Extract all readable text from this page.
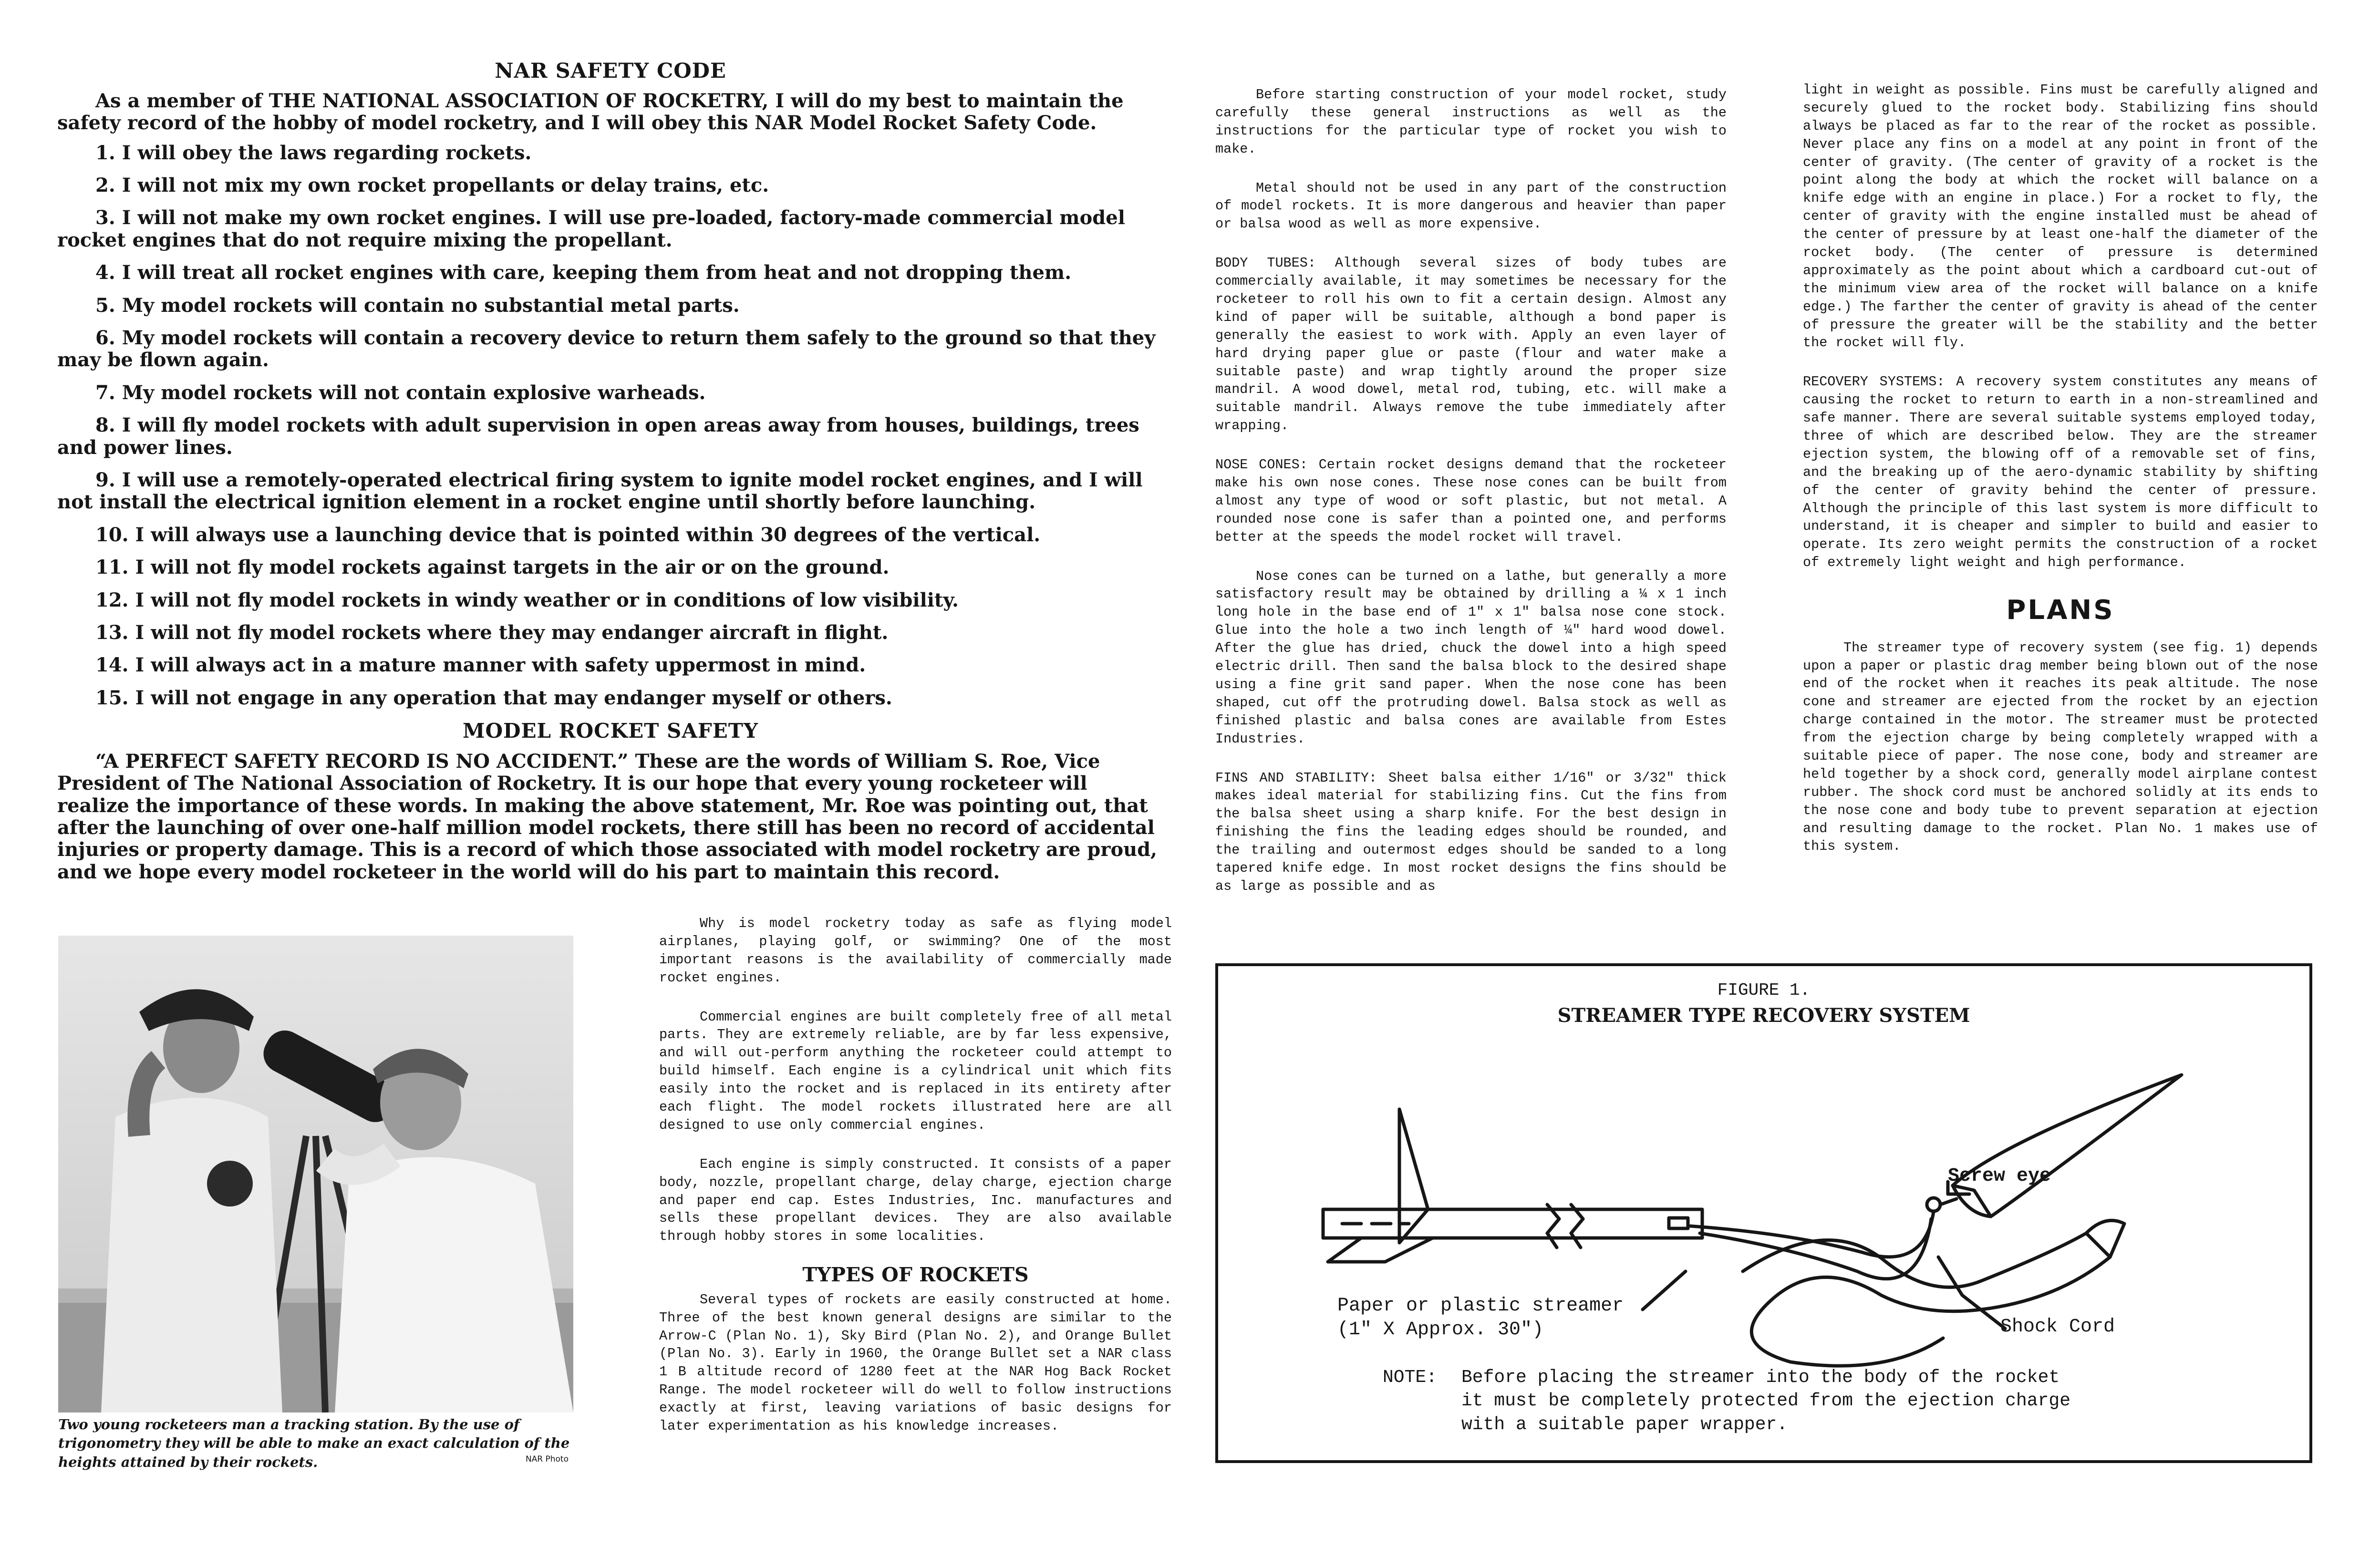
NAR SAFETY CODE

As a member of THE NATIONAL ASSOCIATION OF ROCKETRY, I will do my best to maintain the safety record of the hobby of model rocketry, and I will obey this NAR Model Rocket Safety Code.

1. I will obey the laws regarding rockets.
2. I will not mix my own rocket propellants or delay trains, etc.
3. I will not make my own rocket engines. I will use pre-loaded, factory-made commercial model rocket engines that do not require mixing the propellant.
4. I will treat all rocket engines with care, keeping them from heat and not dropping them.
5. My model rockets will contain no substantial metal parts.
6. My model rockets will contain a recovery device to return them safely to the ground so that they may be flown again.
7. My model rockets will not contain explosive warheads.
8. I will fly model rockets with adult supervision in open areas away from houses, buildings, trees and power lines.
9. I will use a remotely-operated electrical firing system to ignite model rocket engines, and I will not install the electrical ignition element in a rocket engine until shortly before launching.
10. I will always use a launching device that is pointed within 30 degrees of the vertical.
11. I will not fly model rockets against targets in the air or on the ground.
12. I will not fly model rockets in windy weather or in conditions of low visibility.
13. I will not fly model rockets where they may endanger aircraft in flight.
14. I will always act in a mature manner with safety uppermost in mind.
15. I will not engage in any operation that may endanger myself or others.
MODEL ROCKET SAFETY

“A PERFECT SAFETY RECORD IS NO ACCIDENT.” These are the words of William S. Roe, Vice President of The National Association of Rocketry. It is our hope that every young rocketeer will realize the importance of these words. In making the above statement, Mr. Roe was pointing out, that after the launching of over one-half million model rockets, there still has been no record of accidental injuries or property damage. This is a record of which those associated with model rocketry are proud, and we hope every model rocketeer in the world will do his part to maintain this record.

Two young rocketeers man a tracking station. By the use of trigonometry they will be able to make an exact calculation of the heights attained by their rockets.	NAR Photo

Why is model rocketry today as safe as flying model airplanes, playing golf, or swimming? One of the most important reasons is the availability of commercially made rocket engines.

Commercial engines are built completely free of all metal parts. They are extremely reliable, are by far less expensive, and will out-perform anything the rocketeer could attempt to build himself. Each engine is a cylindrical unit which fits easily into the rocket and is replaced in its entirety after each flight. The model rockets illustrated here are all designed to use only commercial engines.

Each engine is simply constructed. It consists of a paper body, nozzle, propellant charge, delay charge, ejection charge and paper end cap. Estes Industries, Inc. manufactures and sells these propellant devices. They are also available through hobby stores in some localities.

TYPES OF ROCKETS

Several types of rockets are easily constructed at home. Three of the best known general designs are similar to the Arrow-C (Plan No. 1), Sky Bird (Plan No. 2), and Orange Bullet (Plan No. 3). Early in 1960, the Orange Bullet set a NAR class 1 B altitude record of 1280 feet at the NAR Hog Back Rocket Range. The model rocketeer will do well to follow instructions exactly at first, leaving variations of basic designs for later experimentation as his knowledge increases.

Before starting construction of your model rocket, study carefully these general instructions as well as the instructions for the particular type of rocket you wish to make.

Metal should not be used in any part of the construction of model rockets. It is more dangerous and heavier than paper or balsa wood as well as more expensive.

BODY TUBES: Although several sizes of body tubes are commercially available, it may sometimes be necessary for the rocketeer to roll his own to fit a certain design. Almost any kind of paper will be suitable, although a bond paper is generally the easiest to work with. Apply an even layer of hard drying paper glue or paste (flour and water make a suitable paste) and wrap tightly around the proper size mandril. A wood dowel, metal rod, tubing, etc. will make a suitable mandril. Always remove the tube immediately after wrapping.

NOSE CONES: Certain rocket designs demand that the rocketeer make his own nose cones. These nose cones can be built from almost any type of wood or soft plastic, but not metal. A rounded nose cone is safer than a pointed one, and performs better at the speeds the model rocket will travel.

Nose cones can be turned on a lathe, but generally a more satisfactory result may be obtained by drilling a ¼ x 1 inch long hole in the base end of 1" x 1" balsa nose cone stock. Glue into the hole a two inch length of ¼" hard wood dowel. After the glue has dried, chuck the dowel into a high speed electric drill. Then sand the balsa block to the desired shape using a fine grit sand paper. When the nose cone has been shaped, cut off the protruding dowel. Balsa stock as well as finished plastic and balsa cones are available from Estes Industries.

FINS AND STABILITY: Sheet balsa either 1/16" or 3/32" thick makes ideal material for stabilizing fins. Cut the fins from the balsa sheet using a sharp knife. For the best design in finishing the fins the leading edges should be rounded, and the trailing and outermost edges should be sanded to a long tapered knife edge. In most rocket designs the fins should be as large as possible and as

light in weight as possible. Fins must be carefully aligned and securely glued to the rocket body. Stabilizing fins should always be placed as far to the rear of the rocket as possible. Never place any fins on a model at any point in front of the center of gravity. (The center of gravity of a rocket is the point along the body at which the rocket will balance on a knife edge with an engine in place.) For a rocket to fly, the center of gravity with the engine installed must be ahead of the center of pressure by at least one-half the diameter of the rocket body. (The center of pressure is determined approximately as the point about which a cardboard cut-out of the minimum view area of the rocket will balance on a knife edge.) The farther the center of gravity is ahead of the center of pressure the greater will be the stability and the better the rocket will fly.

RECOVERY SYSTEMS: A recovery system constitutes any means of causing the rocket to return to earth in a non-streamlined and safe manner. There are several suitable systems employed today, three of which are described below. They are the streamer ejection system, the blowing off of a removable set of fins, and the breaking up of the aero-dynamic stability by shifting of the center of gravity behind the center of pressure. Although the principle of this last system is more difficult to understand, it is cheaper and simpler to build and easier to operate. Its zero weight permits the construction of a rocket of extremely light weight and high performance.

PLANS

The streamer type of recovery system (see fig. 1) depends upon a paper or plastic drag member being blown out of the nose end of the rocket when it reaches its peak altitude. The nose cone and streamer are ejected from the rocket by an ejection charge contained in the motor. The streamer must be protected from the ejection charge by being completely wrapped with a suitable piece of paper. The nose cone, body and streamer are held together by a shock cord, generally model airplane contest rubber. The shock cord must be anchored solidly at its ends to the nose cone and body tube to prevent separation at ejection and resulting damage to the rocket. Plan No. 1 makes use of this system.

FIGURE 1.
STREAMER TYPE RECOVERY SYSTEM
Screw eye
Paper or plastic streamer
(1" X Approx. 30")	Shock Cord
NOTE: Before placing the streamer into the body of the rocket it must be completely protected from the ejection charge with a suitable paper wrapper.
